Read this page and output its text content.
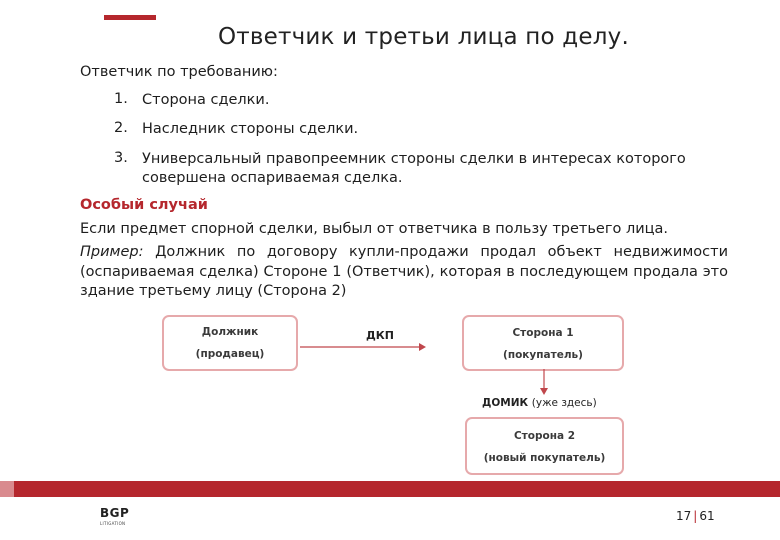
Ответчик и третьи лица по делу.
Ответчик по требованию:
1. Сторона сделки.
2. Наследник стороны сделки.
3. Универсальный правопреемник стороны сделки в интересах которого
совершена оспариваемая сделка.
Особый случай
Если предмет спорной сделки, выбыл от ответчика в пользу третьего лица.
Пример: Должник по договору купли-продажи продал объект недвижимости (оспариваемая сделка) Стороне 1 (Ответчик), которая в последующем продала это здание третьему лицу (Сторона 2)
Должник
(продавец)
ДКП	Сторона 1
(покупатель)
ДОМИК (уже здесь)
Сторона 2
(новый покупатель)
BGP
LITIGATION
17 | 61
